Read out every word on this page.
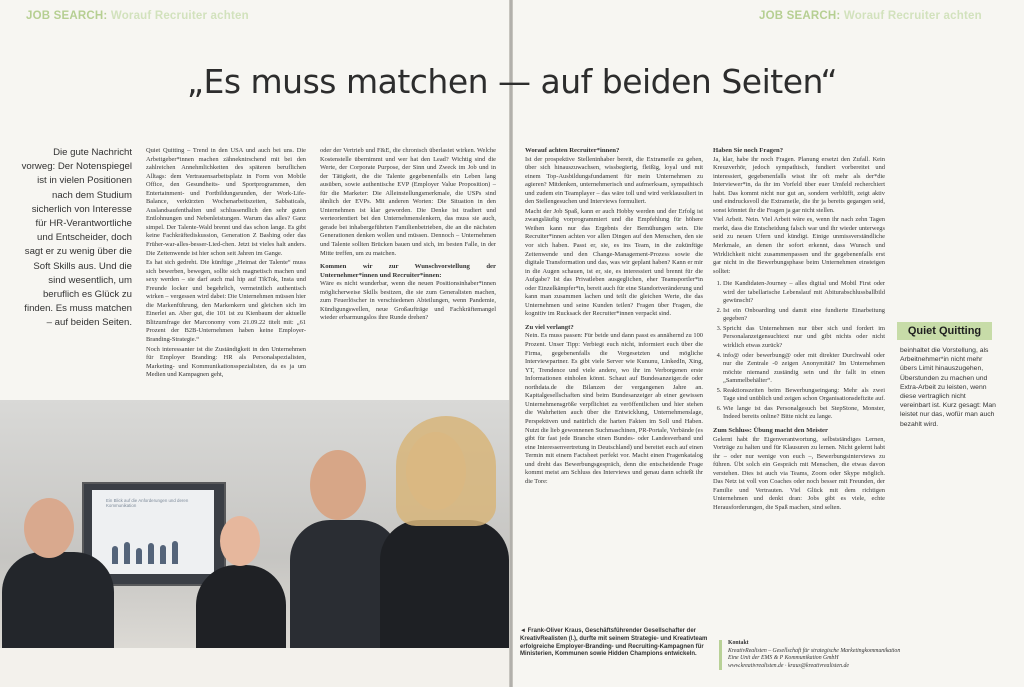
JOB SEARCH: Worauf Recruiter achten
Die gute Nachricht vorweg: Der Notenspiegel ist in vielen Positionen nach dem Studium sicherlich von Interesse für HR-Verantwortliche und Entscheider, doch sagt er zu wenig über die Soft Skills aus. Und die sind wesentlich, um beruflich es Glück zu finden. Es muss matchen – auf beiden Seiten.

Quiet Quitting – Trend in den USA und auch bei uns. Die Arbeitgeber*innen machen zähneknirschend mit bei den zahlreichen Annehmlichkeiten des späteren beruflichen Alltags: dem Vertrauensarbeitsplatz in Form von Mobile Office, den Gesundheits- und Sportprogrammen, den Entertainment- und Fortbildungsrunden, der Work-Life-Balance, verkürzten Wochenarbeitszeiten, Sabbaticals, Auslandsaufenthalten und schlussendlich den sehr guten Entlohnungen und Nebenleistungen. Warum das alles? Ganz simpel. Der Talente-Wald brennt und das schon lange. Es gibt keine Fachkräftediskussion, Generation Z Bashing oder das Früher-war-alles-besser-Lied-chen. Jetzt ist vieles halt anders. Die Zeitenwende ist hier schon seit Jahren im Gange.

Es hat sich gedreht. Die künftige „Heimat der Talente“ muss sich bewerben, bewegen, sollte sich magnetisch machen und sexy werden – sie darf auch mal hip auf TikTok, Insta und Freunde locker und begehrlich, vermeintlich authentisch wirken – vergessen wird dabei: Die Unternehmen müssen hier die Markenführung, den Markenkern und gleichen sich im Einerlei an. Aber gut, die 101 ist zu Kienbaum der aktuelle Blitzumfrage der Marconomy vom 21.09.22 titelt mit: „61 Prozent der B2B-Unternehmen haben keine Employer-Branding-Strategie.“

Noch interessanter ist die Zuständigkeit in den Unternehmen für Employer Branding: HR als Personalspezialisten, Marketing- und Kommunikationsspezialisten, da es ja um Medien und Kampagnen geht,

oder der Vertrieb und F&E, die chronisch überlastet wirken. Welche Kostenstelle übernimmt und wer hat den Lead? Wichtig sind die Werte, der Corporate Purpose, der Sinn und Zweck im Job und in der Tätigkeit, die die Talente gegebenenfalls ein Leben lang ausüben, sowie authentische EVP (Employer Value Proposition) – für die Marketer: Die Alleinstellungsmerkmale, die USPs sind ähnlich der EVPs. Mit anderen Worten: Die Situation in den Unternehmen ist klar geworden. Die Denke ist tradiert und werteorientiert bei den Unternehmenslenkern, das muss sie auch, gerade bei inhabergeführten Familienbetrieben, die an die nächsten Generationen denken wollen und müssen. Dennoch – Unternehmen und Talente sollten Brücken bauen und sich, im besten Falle, in der Mitte treffen, um zu matchen.

Kommen wir zur Wunschvorstellung der Unternehmer*innen und Recruiter*innen:

Wäre es nicht wunderbar, wenn die neuen Positionsinhaber*innen möglicherweise Skills besitzen, die sie zum Generalisten machen, zum Feuerlöscher in verschiedenen Abteilungen, wenn Pandemie, Kündigungswellen, neue Großaufträge und Fachkräftemangel wieder erbarmungslos ihre Runde drehen?

Ein Blick auf die Anforderungen und deren Kommunikation
JOB SEARCH: Worauf Recruiter achten
Worauf achten Recruiter*innen?

Ist der prospektive Stelleninhaber bereit, die Extrameile zu gehen, über sich hinauszuwachsen, wissbegierig, fleißig, loyal und mit einem Top-Ausbildungsfundament für mein Unternehmen zu agieren? Mitdenken, unternehmerisch und aufmerksam, sympathisch und zudem ein Teamplayer – das wäre toll und wird verklausuliert in den Stellengesuchen und Interviews formuliert.

Macht der Job Spaß, kann er auch Hobby werden und der Erfolg ist zwangsläufig vorprogrammiert und die Empfehlung für höhere Weihen kann nur das Ergebnis der Bemühungen sein. Die Recruiter*innen achten vor allen Dingen auf den Menschen, den sie vor sich haben. Passt er, sie, es ins Team, in die zukünftige Zeitenwende und den Change-Management-Prozess sowie die digitale Transformation und das, was wir geplant haben? Kann er mir in die Augen schauen, ist er, sie, es interessiert und brennt für die Aufgabe? Ist das Privatleben ausgeglichen, eher Teamsportler*in oder Einzelkämpfer*in, bereit auch für eine Standortveränderung und kann man zusammen lachen und teilt die gleichen Werte, die das Unternehmen und seine Kunden teilen? Fragen über Fragen, die kognitiv im Rucksack der Recruiter*innen verpackt sind.

Zu viel verlangt?

Nein. Es muss passen: Für beide und dann passt es annähernd zu 100 Prozent. Unser Tipp: Verbiegt euch nicht, informiert euch über die Firma, gegebenenfalls die Vorgesetzten und mögliche Interviewpartner. Es gibt viele Server wie Kununu, LinkedIn, Xing, YT, Trendence und viele andere, wo ihr im Verborgenen erste Informationen einholen könnt. Schaut auf Bundesanzeiger.de oder northdata.de die Bilanzen der vergangenen Jahre an. Kapitalgesellschaften sind beim Bundesanzeiger ab einer gewissen Unternehmensgröße verpflichtet zu veröffentlichen und hier stehen die Wahrheiten auch über die Entwicklung, Unternehmenslage, Perspektiven und natürlich die harten Fakten im Soll und Haben. Nutzt die lieb gewonnenen Suchmaschinen, PR-Portale, Verbände (es gibt für fast jede Branche einen Bundes- oder Landesverband und eine Interessenvertretung in Deutschland) und bereitet euch auf einen Termin mit einem Factsheet perfekt vor. Macht einen Fragenkatalog und dreht das Bewerbungsgespräch, denn die entscheidende Frage kommt meist am Schluss des Interviews und genau dann schießt ihr die Tore:

Haben Sie noch Fragen?

Ja, klar, habe ihr noch Fragen. Planung ersetzt den Zufall. Kein Kreuzverhör, jedoch sympathisch, fundiert vorbereitet und interessiert, gegebenenfalls wisst ihr oft mehr als der*die Interviewer*in, da ihr im Vorfeld über euer Umfeld recherchiert habt. Das kommt nicht nur gut an, sondern verblüfft, zeigt aktiv und eindrucksvoll die Extrameile, die ihr ja bereits gegangen seid, sonst könntet ihr die Fragen ja gar nicht stellen.

Viel Arbeit. Nein. Viel Arbeit wäre es, wenn ihr nach zehn Tagen merkt, dass die Entscheidung falsch war und ihr wieder unterwegs seid zu neuen Ufern und kündigt. Einige unmissverständliche Merkmale, an denen ihr sofort erkennt, dass Wunsch und Wirklichkeit nicht zusammenpassen und ihr gegebenenfalls erst gar nicht in die Bewerbungsphase beim Unternehmen einsteigen solltet:

1. Die Kandidaten-Journey – alles digital und Mobil First oder wird der tabellarische Lebenslauf mit Abiturabschlussballbild gewünscht?
2. Ist ein Onboarding und damit eine fundierte Einarbeitung gegeben?
3. Spricht das Unternehmen nur über sich und fordert im Personalanzeigensuchtext nur und gibt nichts oder nicht wirklich etwas zurück?
4. info@ oder bewerbung@ oder mit direkter Durchwahl oder nur die Zentrale -0 zeigen Anonymität? Im Unternehmen möchte niemand zuständig sein und ihr fallt in einen „Sammelbehälter“.
5. Reaktionszeiten beim Bewerbungseingang: Mehr als zwei Tage sind unüblich und zeigen schon Organisationsdefizite auf.
6. Wie lange ist das Personalgesuch bei StepStone, Monster, Indeed bereits online? Bitte nicht zu lange.
Zum Schluss: Übung macht den Meister

Gelernt habt ihr Eigenverantwortung, selbstständiges Lernen, Vorträge zu halten und für Klausuren zu lernen. Nicht gelernt habt ihr – oder nur wenige von euch –, Bewerbungsinterviews zu führen. Übt solch ein Gespräch mit Menschen, die etwas davon verstehen. Dies ist auch via Teams, Zoom oder Skype möglich. Das Netz ist voll von Coaches oder noch besser mit Freunden, der Familie und Vertrauten. Viel Glück mit dem richtigen Unternehmen und denkt dran: Jobs gibt es viele, echte Herausforderungen, die Spaß machen, sind selten.

Quiet Quitting
beinhaltet die Vorstellung, als Arbeitnehmer*in nicht mehr übers Limit hinauszugehen, Überstunden zu machen und Extra-Arbeit zu leisten, wenn diese vertraglich nicht vereinbart ist. Kurz gesagt: Man leistet nur das, wofür man auch bezahlt wird.
◄ Frank-Oliver Kraus, Geschäftsführender Gesellschafter der KreativRealisten (l.), durfte mit seinem Strategie- und Kreativteam erfolgreiche Employer-Branding- und Recruiting-Kampagnen für Ministerien, Kommunen sowie Hidden Champions entwickeln.
Kontakt
KreativRealisten – Gesellschaft für strategische Marketingkommunikation
Eine Unit der EMS & P Kommunikation GmbH
www.kreativrealisten.de · kraus@kreativrealisten.de
„Es muss matchen — auf beiden Seiten“
